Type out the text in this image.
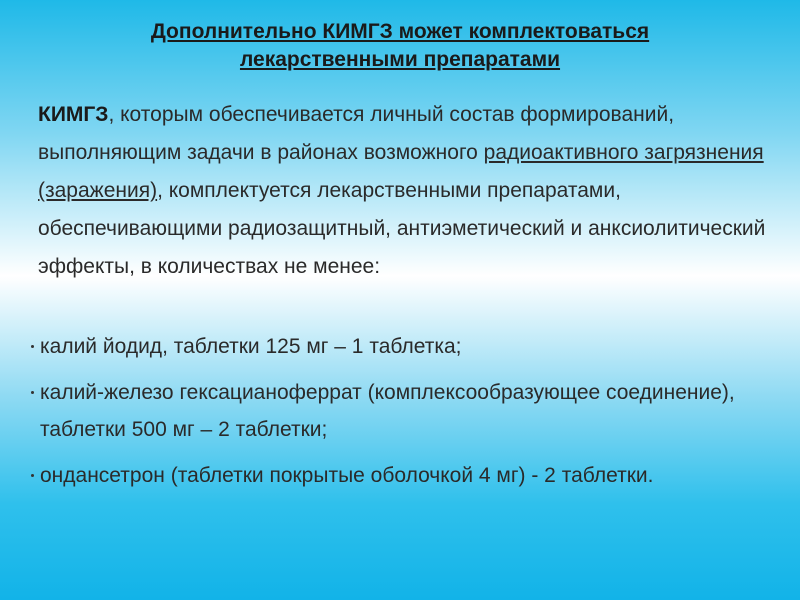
Дополнительно КИМГЗ может комплектоваться
лекарственными препаратами
КИМГЗ, которым обеспечивается личный состав формирований, выполняющим задачи в районах возможного радиоактивного загрязнения (заражения), комплектуется лекарственными препаратами, обеспечивающими радиозащитный, антиэметический и анксиолитический эффекты, в количествах не менее:
калий йодид, таблетки 125 мг – 1 таблетка;
калий-железо гексацианоферрат (комплексообразующее соединение), таблетки 500 мг – 2 таблетки;
ондансетрон (таблетки покрытые оболочкой 4 мг) - 2 таблетки.
